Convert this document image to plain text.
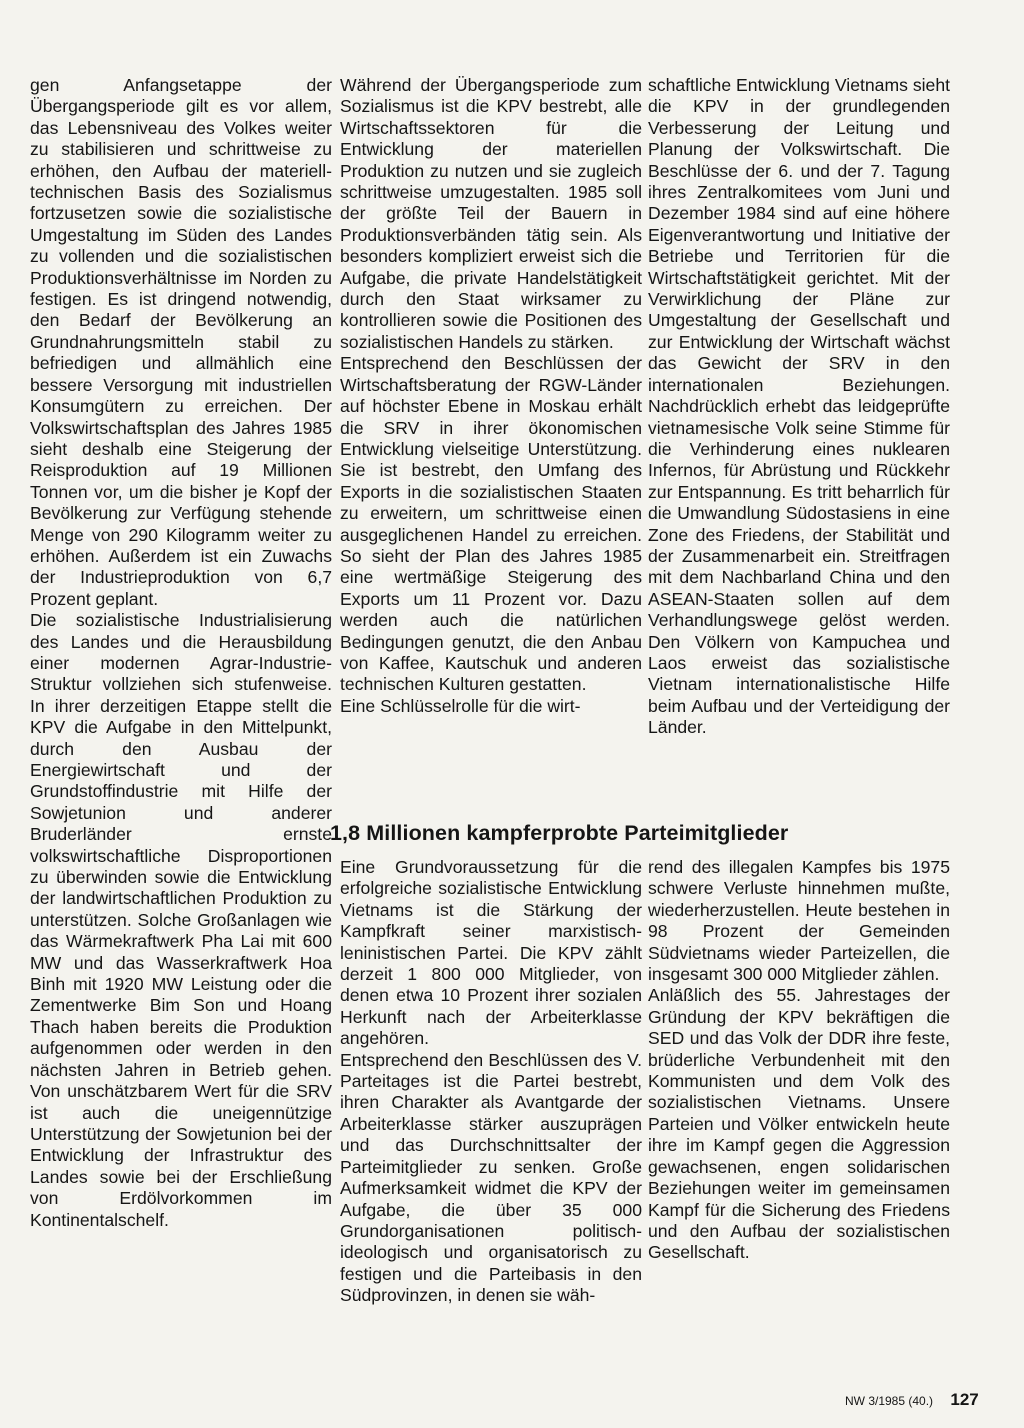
gen Anfangsetappe der Übergangsperiode gilt es vor allem, das Lebensniveau des Volkes weiter zu stabilisieren und schrittweise zu erhöhen, den Aufbau der materiell-technischen Basis des Sozialismus fortzusetzen sowie die sozialistische Umgestaltung im Süden des Landes zu vollenden und die sozialistischen Produktionsverhältnisse im Norden zu festigen. Es ist dringend notwendig, den Bedarf der Bevölkerung an Grundnahrungsmitteln stabil zu befriedigen und allmählich eine bessere Versorgung mit industriellen Konsumgütern zu erreichen. Der Volkswirtschaftsplan des Jahres 1985 sieht deshalb eine Steigerung der Reisproduktion auf 19 Millionen Tonnen vor, um die bisher je Kopf der Bevölkerung zur Verfügung stehende Menge von 290 Kilogramm weiter zu erhöhen. Außerdem ist ein Zuwachs der Industrieproduktion von 6,7 Prozent geplant.

Die sozialistische Industrialisierung des Landes und die Herausbildung einer modernen Agrar-Industrie-Struktur vollziehen sich stufenweise. In ihrer derzeitigen Etappe stellt die KPV die Aufgabe in den Mittelpunkt, durch den Ausbau der Energiewirtschaft und der Grundstoffindustrie mit Hilfe der Sowjetunion und anderer Bruderländer ernste volkswirtschaftliche Disproportionen zu überwinden sowie die Entwicklung der landwirtschaftlichen Produktion zu unterstützen. Solche Großanlagen wie das Wärmekraftwerk Pha Lai mit 600 MW und das Wasserkraftwerk Hoa Binh mit 1920 MW Leistung oder die Zementwerke Bim Son und Hoang Thach haben bereits die Produktion aufgenommen oder werden in den nächsten Jahren in Betrieb gehen. Von unschätzbarem Wert für die SRV ist auch die uneigennützige Unterstützung der Sowjetunion bei der Entwicklung der Infrastruktur des Landes sowie bei der Erschließung von Erdölvorkommen im Kontinentalschelf.

Während der Übergangsperiode zum Sozialismus ist die KPV bestrebt, alle Wirtschaftssektoren für die Entwicklung der materiellen Produktion zu nutzen und sie zugleich schrittweise umzugestalten. 1985 soll der größte Teil der Bauern in Produktionsverbänden tätig sein. Als besonders kompliziert erweist sich die Aufgabe, die private Handelstätigkeit durch den Staat wirksamer zu kontrollieren sowie die Positionen des sozialistischen Handels zu stärken.

Entsprechend den Beschlüssen der Wirtschaftsberatung der RGW-Länder auf höchster Ebene in Moskau erhält die SRV in ihrer ökonomischen Entwicklung vielseitige Unterstützung. Sie ist bestrebt, den Umfang des Exports in die sozialistischen Staaten zu erweitern, um schrittweise einen ausgeglichenen Handel zu erreichen. So sieht der Plan des Jahres 1985 eine wertmäßige Steigerung des Exports um 11 Prozent vor. Dazu werden auch die natürlichen Bedingungen genutzt, die den Anbau von Kaffee, Kautschuk und anderen technischen Kulturen gestatten.

Eine Schlüsselrolle für die wirt-

schaftliche Entwicklung Vietnams sieht die KPV in der grundlegenden Verbesserung der Leitung und Planung der Volkswirtschaft. Die Beschlüsse der 6. und der 7. Tagung ihres Zentralkomitees vom Juni und Dezember 1984 sind auf eine höhere Eigenverantwortung und Initiative der Betriebe und Territorien für die Wirtschaftstätigkeit gerichtet. Mit der Verwirklichung der Pläne zur Umgestaltung der Gesellschaft und zur Entwicklung der Wirtschaft wächst das Gewicht der SRV in den internationalen Beziehungen. Nachdrücklich erhebt das leidgeprüfte vietnamesische Volk seine Stimme für die Verhinderung eines nuklearen Infernos, für Abrüstung und Rückkehr zur Entspannung. Es tritt beharrlich für die Umwandlung Südostasiens in eine Zone des Friedens, der Stabilität und der Zusammenarbeit ein. Streitfragen mit dem Nachbarland China und den ASEAN-Staaten sollen auf dem Verhandlungswege gelöst werden. Den Völkern von Kampuchea und Laos erweist das sozialistische Vietnam internationalistische Hilfe beim Aufbau und der Verteidigung der Länder.

1,8 Millionen kampferprobte Parteimitglieder

Eine Grundvoraussetzung für die erfolgreiche sozialistische Entwicklung Vietnams ist die Stärkung der Kampfkraft seiner marxistisch-leninistischen Partei. Die KPV zählt derzeit 1 800 000 Mitglieder, von denen etwa 10 Prozent ihrer sozialen Herkunft nach der Arbeiterklasse angehören.

Entsprechend den Beschlüssen des V. Parteitages ist die Partei bestrebt, ihren Charakter als Avantgarde der Arbeiterklasse stärker auszuprägen und das Durchschnittsalter der Parteimitglieder zu senken. Große Aufmerksamkeit widmet die KPV der Aufgabe, die über 35 000 Grundorganisationen politisch-ideologisch und organisatorisch zu festigen und die Parteibasis in den Südprovinzen, in denen sie wäh-

rend des illegalen Kampfes bis 1975 schwere Verluste hinnehmen mußte, wiederherzustellen. Heute bestehen in 98 Prozent der Gemeinden Südvietnams wieder Parteizellen, die insgesamt 300 000 Mitglieder zählen.

Anläßlich des 55. Jahrestages der Gründung der KPV bekräftigen die SED und das Volk der DDR ihre feste, brüderliche Verbundenheit mit den Kommunisten und dem Volk des sozialistischen Vietnams. Unsere Parteien und Völker entwickeln heute ihre im Kampf gegen die Aggression gewachsenen, engen solidarischen Beziehungen weiter im gemeinsamen Kampf für die Sicherung des Friedens und den Aufbau der sozialistischen Gesellschaft.

NW 3/1985 (40.) 127
